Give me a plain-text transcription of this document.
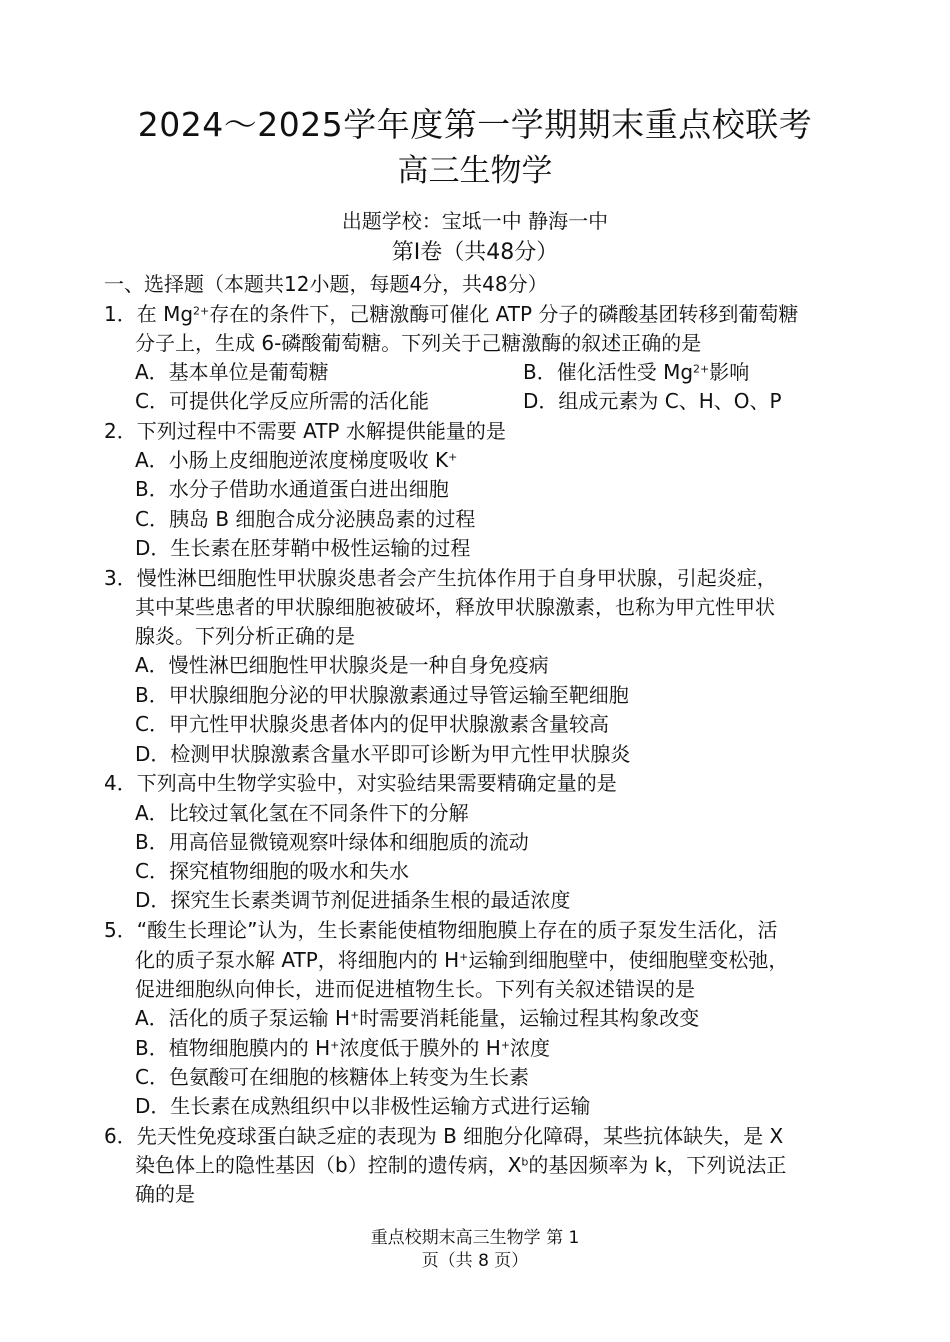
2024～2025学年度第一学期期末重点校联考
高三生物学
出题学校：宝坻一中 静海一中
第Ⅰ卷（共48分）
一、选择题（本题共12小题，每题4分，共48分）
1．在 $Mg^{2+}$存在的条件下，己糖激酶可催化 ATP 分子的磷酸基团转移到葡萄糖
分子上，生成 6-磷酸葡萄糖。下列关于己糖激酶的叙述正确的是
A．基本单位是葡萄糖	B．催化活性受 $Mg^{2+}$影响
C．可提供化学反应所需的活化能	D．组成元素为 C、H、O、P
2．下列过程中不需要 ATP 水解提供能量的是
A．小肠上皮细胞逆浓度梯度吸收 K+
B．水分子借助水通道蛋白进出细胞
C．胰岛 B 细胞合成分泌胰岛素的过程
D．生长素在胚芽鞘中极性运输的过程
3．慢性淋巴细胞性甲状腺炎患者会产生抗体作用于自身甲状腺，引起炎症，
其中某些患者的甲状腺细胞被破坏，释放甲状腺激素，也称为甲亢性甲状
腺炎。下列分析正确的是
A．慢性淋巴细胞性甲状腺炎是一种自身免疫病
B．甲状腺细胞分泌的甲状腺激素通过导管运输至靶细胞
C．甲亢性甲状腺炎患者体内的促甲状腺激素含量较高
D．检测甲状腺激素含量水平即可诊断为甲亢性甲状腺炎
4．下列高中生物学实验中，对实验结果需要精确定量的是
A．比较过氧化氢在不同条件下的分解
B．用高倍显微镜观察叶绿体和细胞质的流动
C．探究植物细胞的吸水和失水
D．探究生长素类调节剂促进插条生根的最适浓度
5．“酸生长理论”认为，生长素能使植物细胞膜上存在的质子泵发生活化，活
化的质子泵水解 ATP，将细胞内的 H+运输到细胞壁中，使细胞壁变松弛，
促进细胞纵向伸长，进而促进植物生长。下列有关叙述错误的是
A．活化的质子泵运输 H+时需要消耗能量，运输过程其构象改变
B．植物细胞膜内的 H+浓度低于膜外的 H+浓度
C．色氨酸可在细胞的核糖体上转变为生长素
D．生长素在成熟组织中以非极性运输方式进行运输
6．先天性免疫球蛋白缺乏症的表现为 B 细胞分化障碍，某些抗体缺失，是 X
染色体上的隐性基因（b）控制的遗传病，$X^b$的基因频率为 k，下列说法正
确的是
重点校期末高三生物学 第 1
页（共 8 页）
